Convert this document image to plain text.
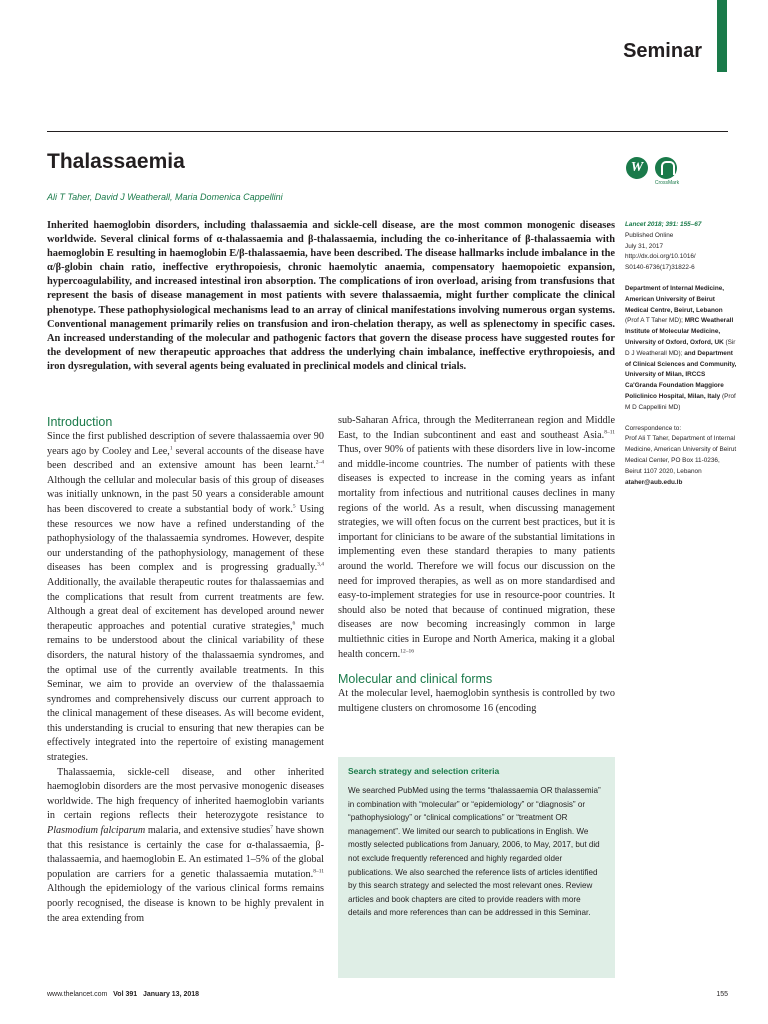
Seminar
Thalassaemia
Ali T Taher, David J Weatherall, Maria Domenica Cappellini
W
CrossMark
Inherited haemoglobin disorders, including thalassaemia and sickle-cell disease, are the most common monogenic diseases worldwide. Several clinical forms of α-thalassaemia and β-thalassaemia, including the co-inheritance of β-thalassaemia with haemoglobin E resulting in haemoglobin E/β-thalassaemia, have been described. The disease hallmarks include imbalance in the α/β-globin chain ratio, ineffective erythropoiesis, chronic haemolytic anaemia, compensatory haemopoietic expansion, hypercoagulability, and increased intestinal iron absorption. The complications of iron overload, arising from transfusions that represent the basis of disease management in most patients with severe thalassaemia, might further complicate the clinical phenotype. These pathophysiological mechanisms lead to an array of clinical manifestations involving numerous organ systems. Conventional management primarily relies on transfusion and iron-chelation therapy, as well as splenectomy in specific cases. An increased understanding of the molecular and pathogenic factors that govern the disease process have suggested routes for the development of new therapeutic approaches that address the underlying chain imbalance, ineffective erythropoiesis, and iron dysregulation, with several agents being evaluated in preclinical models and clinical trials.

Lancet 2018; 391: 155–67
Published Online
July 31, 2017
http://dx.doi.org/10.1016/
S0140-6736(17)31822-6

Department of Internal Medicine, American University of Beirut Medical Centre, Beirut, Lebanon (Prof A T Taher MD); MRC Weatherall Institute of Molecular Medicine, University of Oxford, Oxford, UK (Sir D J Weatherall MD); and Department of Clinical Sciences and Community, University of Milan, IRCCS Ca'Granda Foundation Maggiore Policlinico Hospital, Milan, Italy (Prof M D Cappellini MD)

Correspondence to:
Prof Ali T Taher, Department of Internal Medicine, American University of Beirut Medical Center, PO Box 11-0236, Beirut 1107 2020, Lebanon
ataher@aub.edu.lb

Introduction

Since the first published description of severe thalassaemia over 90 years ago by Cooley and Lee,$^1$ several accounts of the disease have been described and an extensive amount has been learnt.$^{2-4}$ Although the cellular and molecular basis of this group of diseases was initially unknown, in the past 50 years a considerable amount has been discovered to create a substantial body of work.$^5$ Using these resources we now have a refined understanding of the pathophysiology of the thalassaemia syndromes. However, despite our understanding of the pathophysiology, management of these diseases has been complex and is progressing gradually.$^{3,4}$ Additionally, the available therapeutic routes for thalassaemias and the complications that result from current treatments are few. Although a great deal of excitement has developed around newer therapeutic approaches and potential curative strategies,$^6$ much remains to be understood about the clinical variability of these disorders, the natural history of the thalassaemia syndromes, and the optimal use of the currently available treatments. In this Seminar, we aim to provide an overview of the thalassaemia syndromes and comprehensively discuss our current approach to the clinical management of these diseases. As will become evident, this understanding is crucial to ensuring that new therapies can be effectively integrated into the repertoire of existing management strategies.

Thalassaemia, sickle-cell disease, and other inherited haemoglobin disorders are the most pervasive monogenic diseases worldwide. The high frequency of inherited haemoglobin variants in certain regions reflects their heterozygote resistance to Plasmodium falciparum malaria, and extensive studies$^7$ have shown that this resistance is certainly the case for α-thalassaemia, β-thalassaemia, and haemoglobin E. An estimated 1–5% of the global population are carriers for a genetic thalassaemia mutation.$^{8-11}$ Although the epidemiology of the various clinical forms remains poorly recognised, the disease is known to be highly prevalent in the area extending from

sub-Saharan Africa, through the Mediterranean region and Middle East, to the Indian subcontinent and east and southeast Asia.$^{8-11}$ Thus, over 90% of patients with these disorders live in low-income and middle-income countries. The number of patients with these diseases is expected to increase in the coming years as infant mortality from infectious and nutritional causes declines in many regions of the world. As a result, when discussing management strategies, we will often focus on the current best practices, but it is important for clinicians to be aware of the substantial limitations in implementing even these standard therapies to many patients around the world. Therefore we will focus our discussion on the need for improved therapies, as well as on more standardised and easy-to-implement strategies for use in resource-poor countries. It should also be noted that because of continued migration, these diseases are now becoming increasingly common in large multiethnic cities in Europe and North America, making it a global health concern.$^{12-16}$

Molecular and clinical forms

At the molecular level, haemoglobin synthesis is controlled by two multigene clusters on chromosome 16 (encoding

Search strategy and selection criteria

We searched PubMed using the terms “thalassaemia OR thalassemia” in combination with “molecular” or “epidemiology” or “diagnosis” or “pathophysiology” or “clinical complications” or “treatment OR management”. We limited our search to publications in English. We mostly selected publications from January, 2006, to May, 2017, but did not exclude frequently referenced and highly regarded older publications. We also searched the reference lists of articles identified by this search strategy and selected the most relevant ones. Review articles and book chapters are cited to provide readers with more details and more references than can be addressed in this Seminar.

www.thelancet.com Vol 391 January 13, 2018	155
